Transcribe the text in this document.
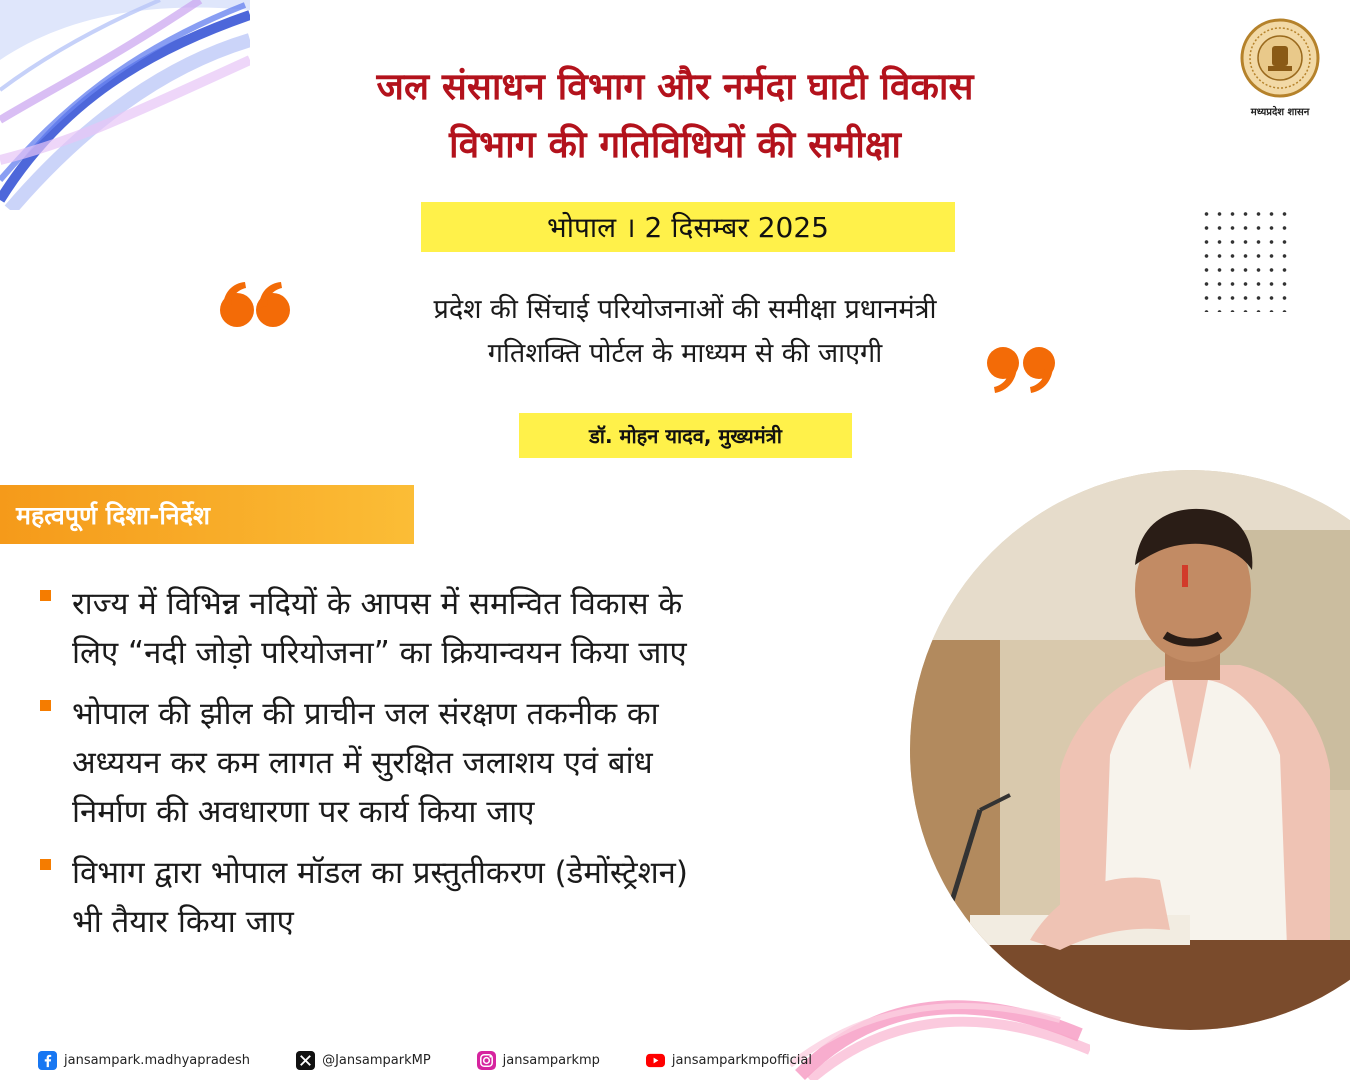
जल संसाधन विभाग और नर्मदा घाटी विकास
विभाग की गतिविधियों की समीक्षा
मध्यप्रदेश शासन
भोपाल । 2 दिसम्बर 2025
प्रदेश की सिंचाई परियोजनाओं की समीक्षा प्रधानमंत्री
गतिशक्ति पोर्टल के माध्यम से की जाएगी
डॉ. मोहन यादव, मुख्यमंत्री
महत्वपूर्ण दिशा-निर्देश
राज्य में विभिन्न नदियों के आपस में समन्वित विकास के
लिए “नदी जोड़ो परियोजना” का क्रियान्वयन किया जाए
भोपाल की झील की प्राचीन जल संरक्षण तकनीक का
अध्ययन कर कम लागत में सुरक्षित जलाशय एवं बांध
निर्माण की अवधारणा पर कार्य किया जाए
विभाग द्वारा भोपाल मॉडल का प्रस्तुतीकरण (डेमोंस्ट्रेशन)
भी तैयार किया जाए
jansampark.madhyapradesh	@JansamparkMP	jansamparkmp	jansamparkmpofficial
